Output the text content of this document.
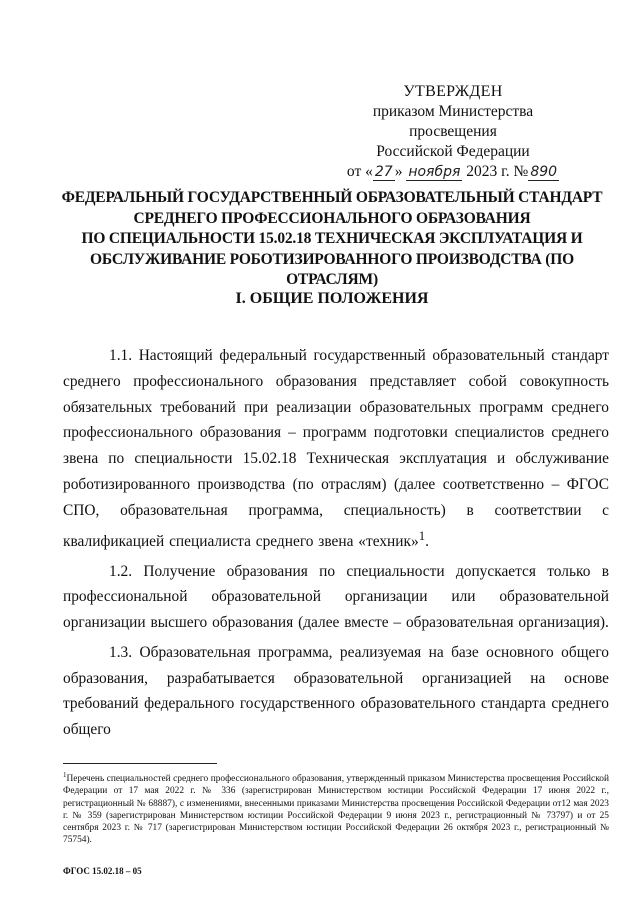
УТВЕРЖДЕН
приказом Министерства просвещения
Российской Федерации
от « 27 » ноября 2023 г. № 890
ФЕДЕРАЛЬНЫЙ ГОСУДАРСТВЕННЫЙ ОБРАЗОВАТЕЛЬНЫЙ СТАНДАРТ
СРЕДНЕГО ПРОФЕССИОНАЛЬНОГО ОБРАЗОВАНИЯ
ПО СПЕЦИАЛЬНОСТИ 15.02.18 ТЕХНИЧЕСКАЯ ЭКСПЛУАТАЦИЯ И
ОБСЛУЖИВАНИЕ РОБОТИЗИРОВАННОГО ПРОИЗВОДСТВА (ПО ОТРАСЛЯМ)
I. ОБЩИЕ ПОЛОЖЕНИЯ

1.1. Настоящий федеральный государственный образовательный стандарт среднего профессионального образования представляет собой совокупность обязательных требований при реализации образовательных программ среднего профессионального образования – программ подготовки специалистов среднего звена по специальности 15.02.18 Техническая эксплуатация и обслуживание роботизированного производства (по отраслям) (далее соответственно – ФГОС СПО, образовательная программа, специальность) в соответствии с квалификацией специалиста среднего звена «техник»$^1$.

1.2. Получение образования по специальности допускается только в профессиональной образовательной организации или образовательной организации высшего образования (далее вместе – образовательная организация).

1.3. Образовательная программа, реализуемая на базе основного общего образования, разрабатывается образовательной организацией на основе требований федерального государственного образовательного стандарта среднего общего

$^1$Перечень специальностей среднего профессионального образования, утвержденный приказом Министерства просвещения Российской Федерации от 17 мая 2022 г. № 336 (зарегистрирован Министерством юстиции Российской Федерации 17 июня 2022 г., регистрационный № 68887), с изменениями, внесенными приказами Министерства просвещения Российской Федерации от12 мая 2023 г. № 359 (зарегистрирован Министерством юстиции Российской Федерации 9 июня 2023 г., регистрационный № 73797) и от 25 сентября 2023 г. № 717 (зарегистрирован Министерством юстиции Российской Федерации 26 октября 2023 г., регистрационный № 75754).
ФГОС 15.02.18 – 05
